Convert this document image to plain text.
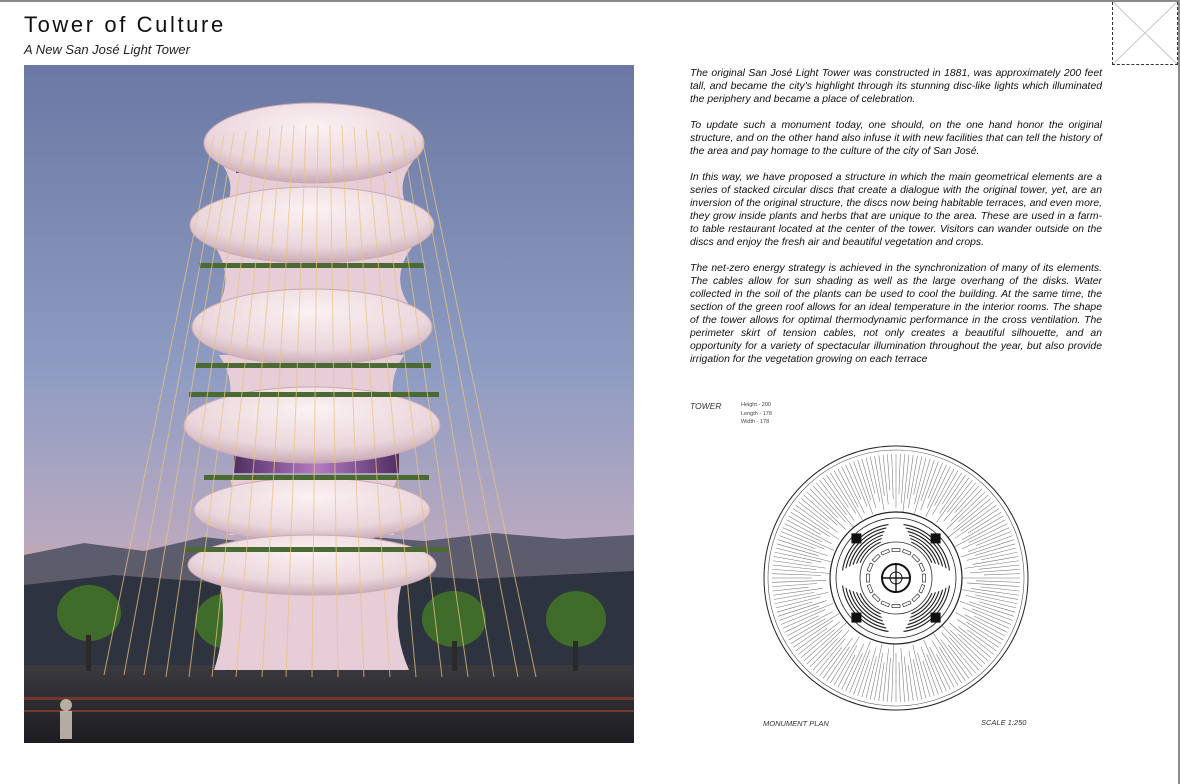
Tower of Culture
A New San José Light Tower

The original San José Light Tower was constructed in 1881, was approximately 200 feet tall, and became the city's highlight through its stunning disc-like lights which illuminated the periphery and became a place of celebration.

To update such a monument today, one should, on the one hand honor the original structure, and on the other hand also infuse it with new facilities that can tell the history of the area and pay homage to the culture of the city of San José.

In this way, we have proposed a structure in which the main geometrical elements are a series of stacked circular discs that create a dialogue with the original tower, yet, are an inversion of the original structure, the discs now being habitable terraces, and even more, they grow inside plants and herbs that are unique to the area. These are used in a farm-to table restaurant located at the center of the tower. Visitors can wander outside on the discs and enjoy the fresh air and beautiful vegetation and crops.

The net-zero energy strategy is achieved in the synchronization of many of its elements. The cables allow for sun shading as well as the large overhang of the disks. Water collected in the soil of the plants can be used to cool the building. At the same time, the section of the green roof allows for an ideal temperature in the interior rooms. The shape of the tower allows for optimal thermodynamic performance in the cross ventilation. The perimeter skirt of tension cables, not only creates a beautiful silhouette, and an opportunity for a variety of spectacular illumination throughout the year, but also provide irrigation for the vegetation growing on each terrace

TOWER	Height - 200
Length - 178
Width - 178
MONUMENT PLAN	SCALE 1:250
